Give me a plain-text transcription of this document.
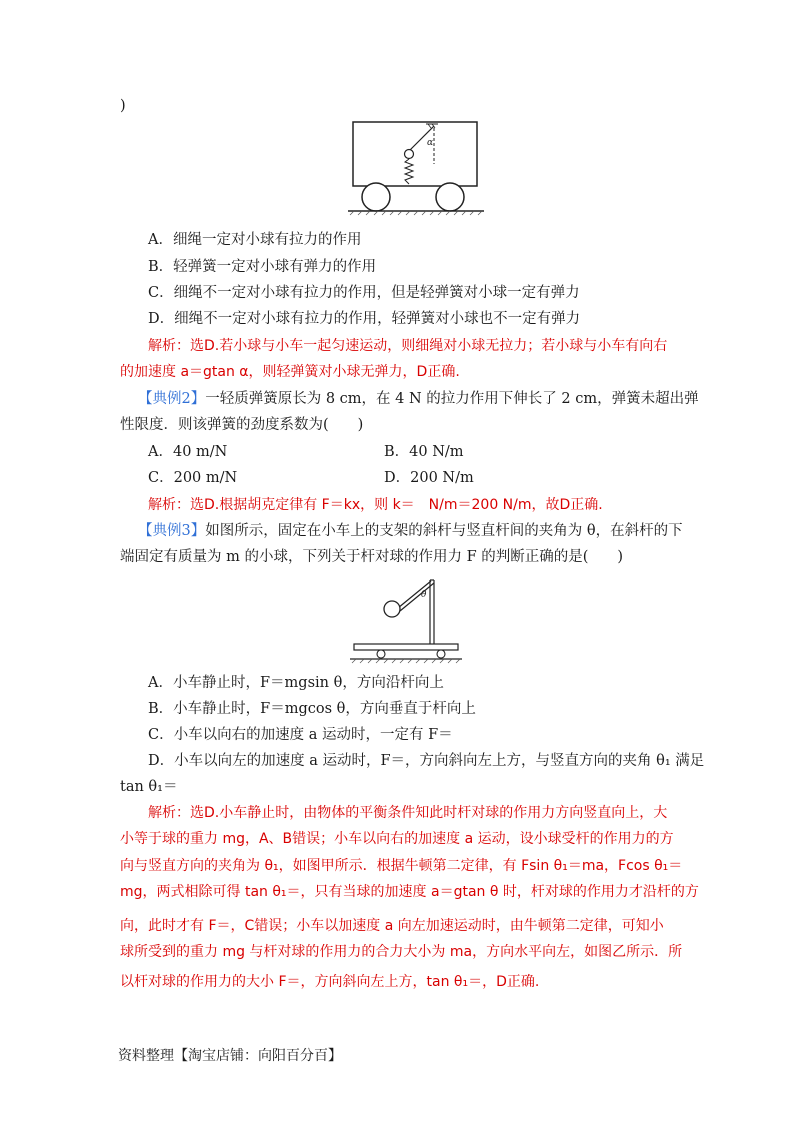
)
α
A．细绳一定对小球有拉力的作用
B．轻弹簧一定对小球有弹力的作用
C．细绳不一定对小球有拉力的作用，但是轻弹簧对小球一定有弹力
D．细绳不一定对小球有拉力的作用，轻弹簧对小球也不一定有弹力
解析：选D.若小球与小车一起匀速运动，则细绳对小球无拉力；若小球与小车有向右
的加速度 a＝gtan α，则轻弹簧对小球无弹力，D正确.
【典例2】一轻质弹簧原长为 8 cm，在 4 N 的拉力作用下伸长了 2 cm，弹簧未超出弹
性限度．则该弹簧的劲度系数为(　　)
A．40 m/N	B．40 N/m
C．200 m/N	D．200 N/m
解析：选D.根据胡克定律有 F＝kx，则 k＝　N/m＝200 N/m，故D正确.
【典例3】如图所示，固定在小车上的支架的斜杆与竖直杆间的夹角为 θ，在斜杆的下
端固定有质量为 m 的小球，下列关于杆对球的作用力 F 的判断正确的是(　　)
θ
A．小车静止时，F＝mgsin θ，方向沿杆向上
B．小车静止时，F＝mgcos θ，方向垂直于杆向上
C．小车以向右的加速度 a 运动时，一定有 F＝
D．小车以向左的加速度 a 运动时，F＝，方向斜向左上方，与竖直方向的夹角 θ₁ 满足
tan θ₁＝
解析：选D.小车静止时，由物体的平衡条件知此时杆对球的作用力方向竖直向上，大
小等于球的重力 mg，A、B错误；小车以向右的加速度 a 运动，设小球受杆的作用力的方
向与竖直方向的夹角为 θ₁，如图甲所示．根据牛顿第二定律，有 Fsin θ₁＝ma，Fcos θ₁＝
mg，两式相除可得 tan θ₁＝，只有当球的加速度 a＝gtan θ 时，杆对球的作用力才沿杆的方
向，此时才有 F＝，C错误；小车以加速度 a 向左加速运动时，由牛顿第二定律，可知小
球所受到的重力 mg 与杆对球的作用力的合力大小为 ma，方向水平向左，如图乙所示．所
以杆对球的作用力的大小 F＝，方向斜向左上方，tan θ₁＝，D正确.
资料整理【淘宝店铺：向阳百分百】
